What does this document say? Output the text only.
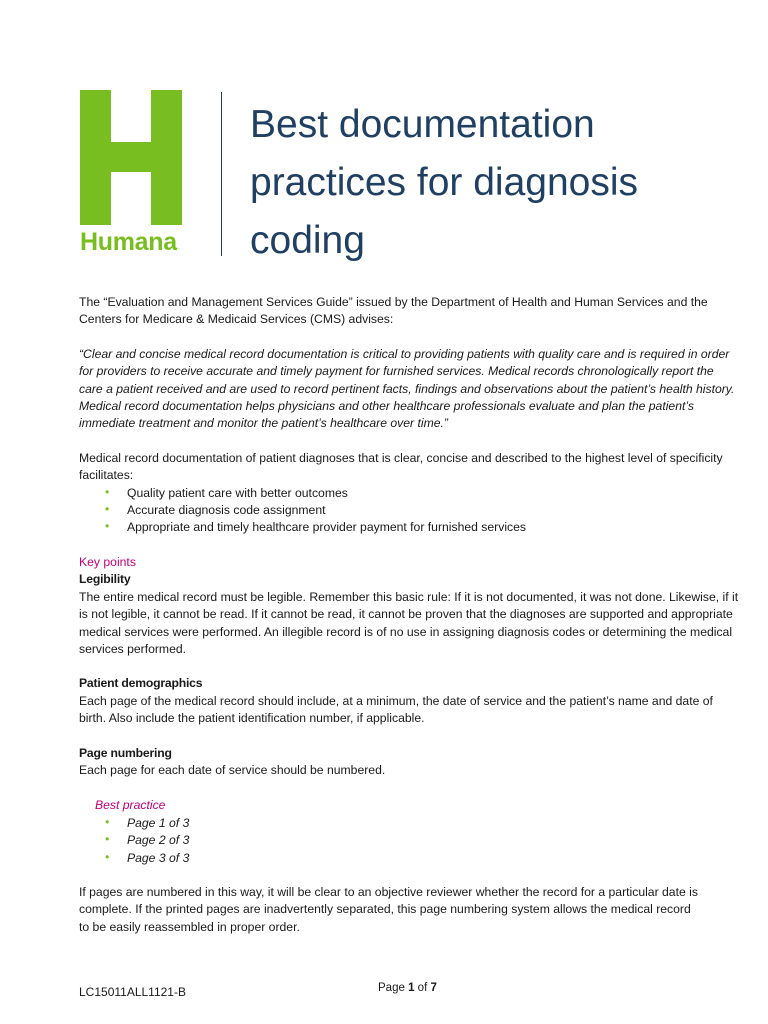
Humana.
Best documentation
practices for diagnosis
coding

The “Evaluation and Management Services Guide” issued by the Department of Health and Human Services and the Centers for Medicare & Medicaid Services (CMS) advises:

“Clear and concise medical record documentation is critical to providing patients with quality care and is required in order for providers to receive accurate and timely payment for furnished services. Medical records chronologically report the care a patient received and are used to record pertinent facts, findings and observations about the patient’s health history. Medical record documentation helps physicians and other healthcare professionals evaluate and plan the patient’s immediate treatment and monitor the patient’s healthcare over time.”

Medical record documentation of patient diagnoses that is clear, concise and described to the highest level of specificity facilitates:

• Quality patient care with better outcomes
• Accurate diagnosis code assignment
• Appropriate and timely healthcare provider payment for furnished services

Key points

Legibility

The entire medical record must be legible. Remember this basic rule: If it is not documented, it was not done. Likewise, if it is not legible, it cannot be read. If it cannot be read, it cannot be proven that the diagnoses are supported and appropriate medical services were performed. An illegible record is of no use in assigning diagnosis codes or determining the medical services performed.

Patient demographics

Each page of the medical record should include, at a minimum, the date of service and the patient’s name and date of birth. Also include the patient identification number, if applicable.

Page numbering

Each page for each date of service should be numbered.

Best practice

• Page 1 of 3
• Page 2 of 3
• Page 3 of 3

If pages are numbered in this way, it will be clear to an objective reviewer whether the record for a particular date is complete. If the printed pages are inadvertently separated, this page numbering system allows the medical record to be easily reassembled in proper order.

LC15011ALL1121-B	Page 1 of 7
